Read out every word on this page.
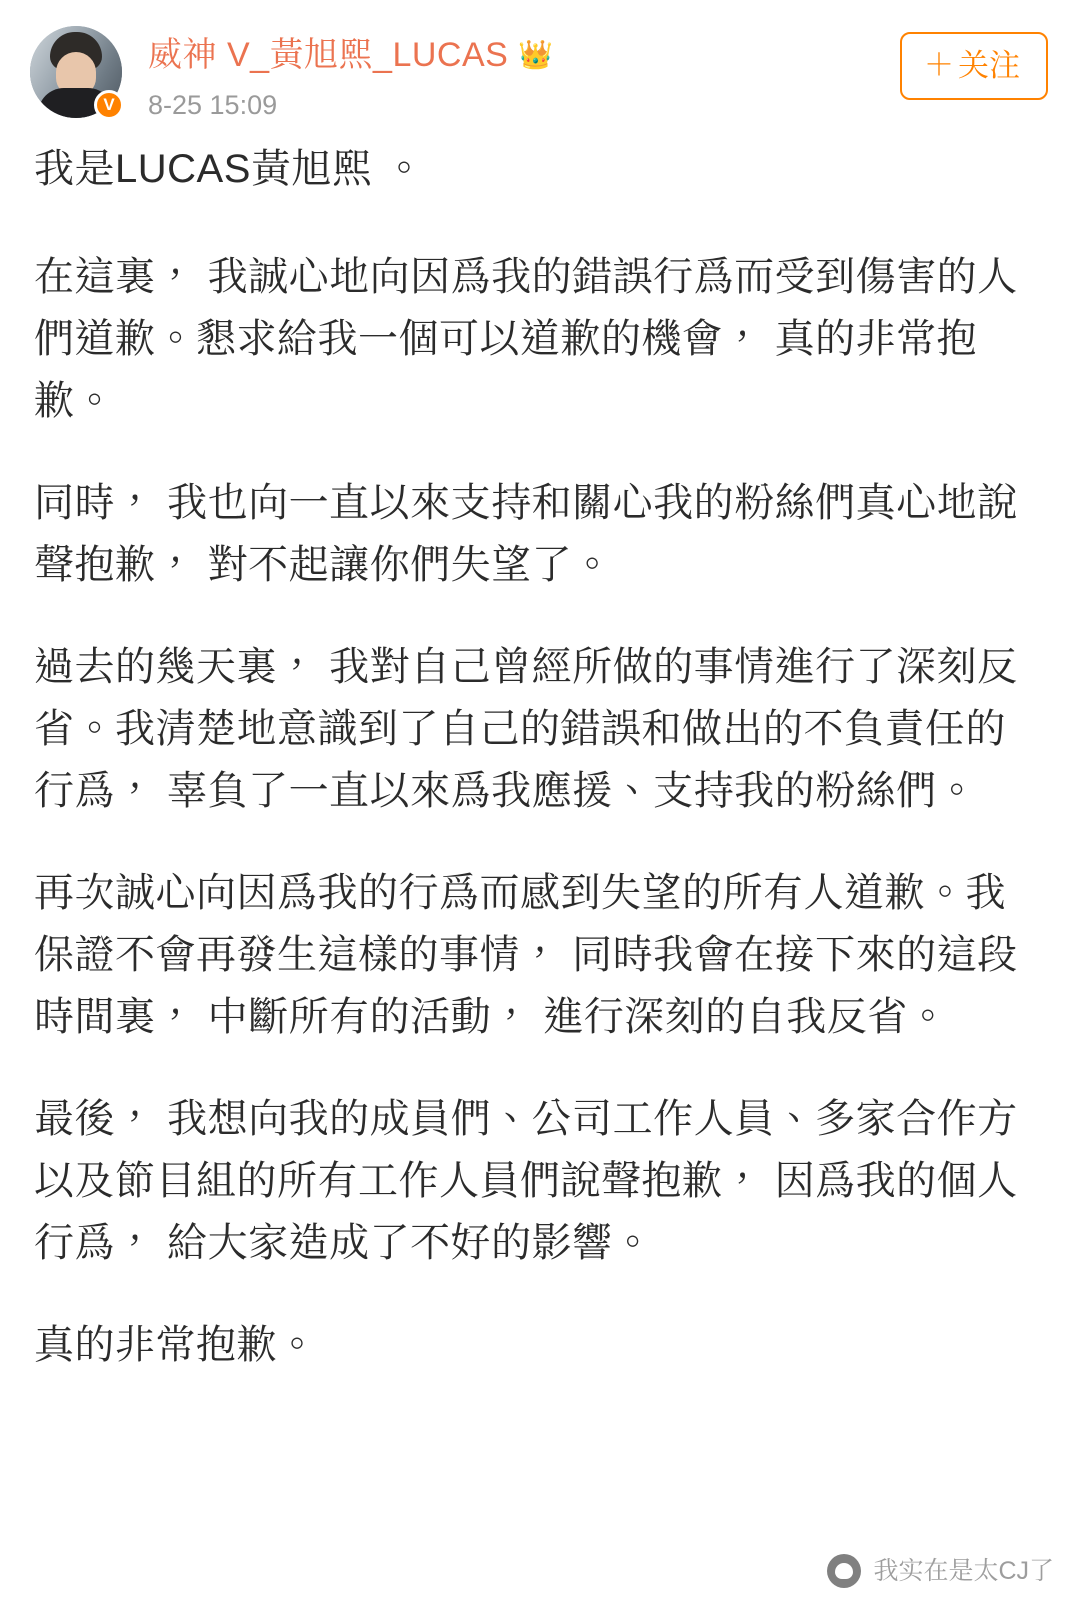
V
威神 V_黃旭熙_LUCAS 👑
8-25 15:09
＋ 关注

我是LUCAS黃旭熙 。

在這裏， 我誠心地向因爲我的錯誤行爲而受到傷害的人們道歉。懇求給我一個可以道歉的機會， 真的非常抱歉。

同時， 我也向一直以來支持和關心我的粉絲們真心地說聲抱歉， 對不起讓你們失望了。

過去的幾天裏， 我對自己曾經所做的事情進行了深刻反省。我清楚地意識到了自己的錯誤和做出的不負責任的行爲， 辜負了一直以來爲我應援、支持我的粉絲們。

再次誠心向因爲我的行爲而感到失望的所有人道歉。我保證不會再發生這樣的事情， 同時我會在接下來的這段時間裏， 中斷所有的活動， 進行深刻的自我反省。

最後， 我想向我的成員們、公司工作人員、多家合作方以及節目組的所有工作人員們說聲抱歉， 因爲我的個人行爲， 給大家造成了不好的影響。

真的非常抱歉。

我实在是太CJ了
